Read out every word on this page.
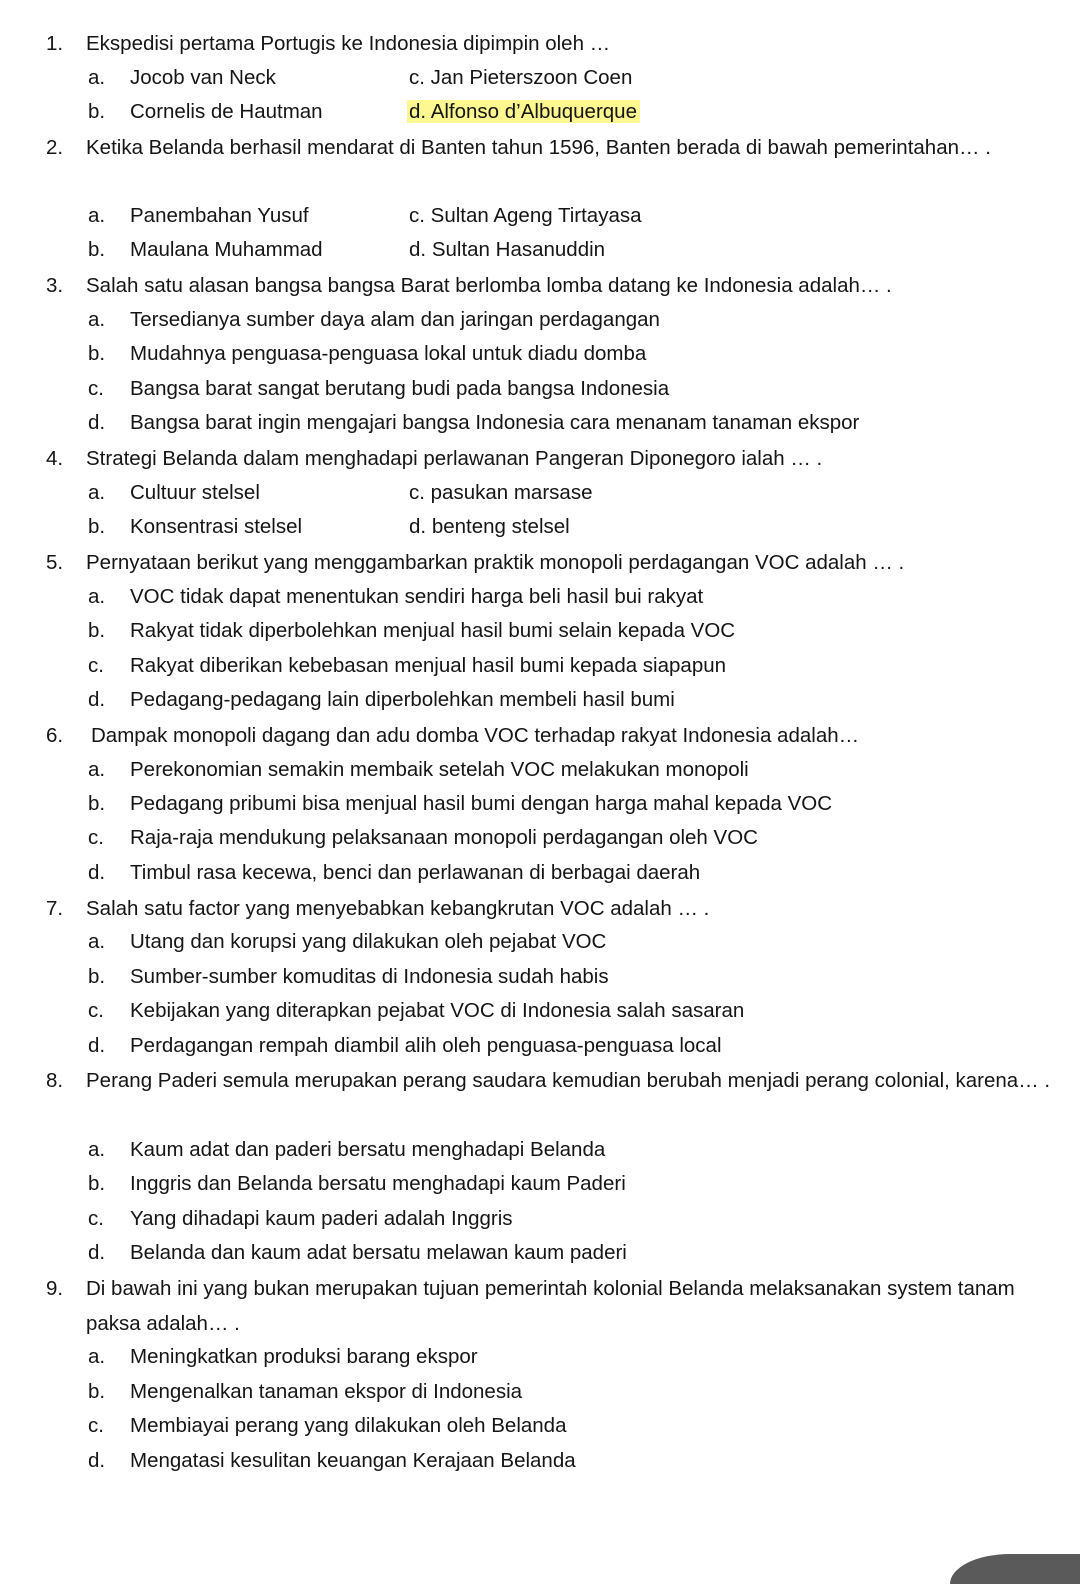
1.	Ekspedisi pertama Portugis ke Indonesia dipimpin oleh …
a. Jocob van Neck	c. Jan Pieterszoon Coen
b. Cornelis de Hautman	d. Alfonso d’Albuquerque
2.	Ketika Belanda berhasil mendarat di Banten tahun 1596, Banten berada di bawah pemerintahan… .
a. Panembahan Yusuf	c. Sultan Ageng Tirtayasa
b. Maulana Muhammad	d. Sultan Hasanuddin
3.	Salah satu alasan bangsa bangsa Barat berlomba lomba datang ke Indonesia adalah… .
a. Tersedianya sumber daya alam dan jaringan perdagangan
b. Mudahnya penguasa-penguasa lokal untuk diadu domba
c. Bangsa barat sangat berutang budi pada bangsa Indonesia
d. Bangsa barat ingin mengajari bangsa Indonesia cara menanam tanaman ekspor
4.	Strategi Belanda dalam menghadapi perlawanan Pangeran Diponegoro ialah … .
a. Cultuur stelsel	c. pasukan marsase
b. Konsentrasi stelsel	d. benteng stelsel
5.	Pernyataan berikut yang menggambarkan praktik monopoli perdagangan VOC adalah … .
a. VOC tidak dapat menentukan sendiri harga beli hasil bui rakyat
b. Rakyat tidak diperbolehkan menjual hasil bumi selain kepada VOC
c. Rakyat diberikan kebebasan menjual hasil bumi kepada siapapun
d. Pedagang-pedagang lain diperbolehkan membeli hasil bumi
6.	Dampak monopoli dagang dan adu domba VOC terhadap rakyat Indonesia adalah…
a. Perekonomian semakin membaik setelah VOC melakukan monopoli
b. Pedagang pribumi bisa menjual hasil bumi dengan harga mahal kepada VOC
c. Raja-raja mendukung pelaksanaan monopoli perdagangan oleh VOC
d. Timbul rasa kecewa, benci dan perlawanan di berbagai daerah
7.	Salah satu factor yang menyebabkan kebangkrutan VOC adalah … .
a. Utang dan korupsi yang dilakukan oleh pejabat VOC
b. Sumber-sumber komuditas di Indonesia sudah habis
c. Kebijakan yang diterapkan pejabat VOC di Indonesia salah sasaran
d. Perdagangan rempah diambil alih oleh penguasa-penguasa local
8.	Perang Paderi semula merupakan perang saudara kemudian berubah menjadi perang colonial, karena… .
a. Kaum adat dan paderi bersatu menghadapi Belanda
b. Inggris dan Belanda bersatu menghadapi kaum Paderi
c. Yang dihadapi kaum paderi adalah Inggris
d. Belanda dan kaum adat bersatu melawan kaum paderi
9.	Di bawah ini yang bukan merupakan tujuan pemerintah kolonial Belanda melaksanakan system tanam paksa adalah… .
a. Meningkatkan produksi barang ekspor
b. Mengenalkan tanaman ekspor di Indonesia
c. Membiayai perang yang dilakukan oleh Belanda
d. Mengatasi kesulitan keuangan Kerajaan Belanda
